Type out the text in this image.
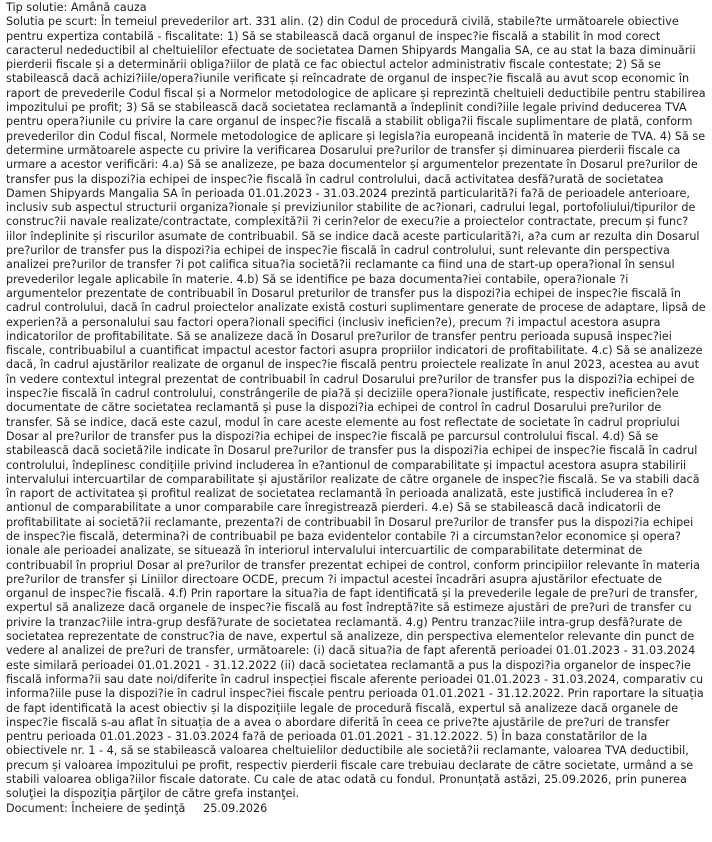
Tip solutie: Amână cauza

Solutia pe scurt: În temeiul prevederilor art. 331 alin. (2) din Codul de procedură civilă, stabile?te următoarele obiective pentru expertiza contabilă - fiscalitate: 1) Să se stabilească dacă organul de inspec?ie fiscală a stabilit în mod corect caracterul nedeductibil al cheltuielilor efectuate de societatea Damen Shipyards Mangalia SA, ce au stat la baza diminuării pierderii fiscale și a determinării obliga?iilor de plată ce fac obiectul actelor administrativ fiscale contestate; 2) Să se stabilească dacă achizi?iile/opera?iunile verificate și reîncadrate de organul de inspec?ie fiscală au avut scop economic în raport de prevederile Codul fiscal și a Normelor metodologice de aplicare și reprezintă cheltuieli deductibile pentru stabilirea impozitului pe profit; 3) Să se stabilească dacă societatea reclamantă a îndeplinit condi?iile legale privind deducerea TVA pentru opera?iunile cu privire la care organul de inspec?ie fiscală a stabilit obliga?ii fiscale suplimentare de plată, conform prevederilor din Codul fiscal, Normele metodologice de aplicare și legisla?ia europeană incidentă în materie de TVA. 4) Să se determine următoarele aspecte cu privire la verificarea Dosarului pre?urilor de transfer și diminuarea pierderii fiscale ca urmare a acestor verificări: 4.a) Să se analizeze, pe baza documentelor și argumentelor prezentate în Dosarul pre?urilor de transfer pus la dispozi?ia echipei de inspec?ie fiscală în cadrul controlului, dacă activitatea desfă?urată de societatea Damen Shipyards Mangalia SA în perioada 01.01.2023 - 31.03.2024 prezintă particularită?i fa?ă de perioadele anterioare, inclusiv sub aspectul structurii organiza?ionale și previziunilor stabilite de ac?ionari, cadrului legal, portofoliului/tipurilor de construc?ii navale realizate/contractate, complexită?ii ?i cerin?elor de execu?ie a proiectelor contractate, precum și func?iilor îndeplinite și riscurilor asumate de contribuabil. Să se indice dacă aceste particularită?i, a?a cum ar rezulta din Dosarul pre?urilor de transfer pus la dispozi?ia echipei de inspec?ie fiscală în cadrul controlului, sunt relevante din perspectiva analizei pre?urilor de transfer ?i pot califica situa?ia societă?ii reclamante ca fiind una de start-up opera?ional în sensul prevederilor legale aplicabile în materie. 4.b) Să se identifice pe baza documenta?iei contabile, opera?ionale ?i argumentelor prezentate de contribuabil în Dosarul preturilor de transfer pus la dispozi?ia echipei de inspec?ie fiscală în cadrul controlului, dacă în cadrul proiectelor analizate există costuri suplimentare generate de procese de adaptare, lipsă de experien?ă a personalului sau factori opera?ionali specifici (inclusiv ineficien?e), precum ?i impactul acestora asupra indicatorilor de profitabilitate. Să se analizeze dacă în Dosarul pre?urilor de transfer pentru perioada supusă inspec?iei fiscale, contribuabilul a cuantificat impactul acestor factori asupra propriilor indicatori de profitabilitate. 4.c) Să se analizeze dacă, în cadrul ajustărilor realizate de organul de inspec?ie fiscală pentru proiectele realizate în anul 2023, acestea au avut în vedere contextul integral prezentat de contribuabil în cadrul Dosarului pre?urilor de transfer pus la dispozi?ia echipei de inspec?ie fiscală în cadrul controlului, constrângerile de pia?ă și deciziile opera?ionale justificate, respectiv ineficien?ele documentate de către societatea reclamantă și puse la dispozi?ia echipei de control în cadrul Dosarului pre?urilor de transfer. Să se indice, dacă este cazul, modul în care aceste elemente au fost reflectate de societate în cadrul propriului Dosar al pre?urilor de transfer pus la dispozi?ia echipei de inspec?ie fiscală pe parcursul controlului fiscal. 4.d) Să se stabilească dacă societă?ile indicate în Dosarul pre?urilor de transfer pus la dispozi?ia echipei de inspec?ie fiscală în cadrul controlului, îndeplinesc condițiile privind includerea în e?antionul de comparabilitate și impactul acestora asupra stabilirii intervalului intercuartilar de comparabilitate și ajustărilor realizate de către organele de inspec?ie fiscală. Se va stabili dacă în raport de activitatea și profitul realizat de societatea reclamantă în perioada analizată, este justifică includerea în e?antionul de comparabilitate a unor comparabile care înregistrează pierderi. 4.e) Să se stabilească dacă indicatorii de profitabilitate ai societă?ii reclamante, prezenta?i de contribuabil în Dosarul pre?urilor de transfer pus la dispozi?ia echipei de inspec?ie fiscală, determina?i de contribuabil pe baza evidentelor contabile ?i a circumstan?elor economice și opera?ionale ale perioadei analizate, se situează în interiorul intervalului intercuartilic de comparabilitate determinat de contribuabil în propriul Dosar al pre?urilor de transfer prezentat echipei de control, conform principiilor relevante în materia pre?urilor de transfer și Liniilor directoare OCDE, precum ?i impactul acestei încadrări asupra ajustărilor efectuate de organul de inspec?ie fiscală. 4.f) Prin raportare la situa?ia de fapt identificată și la prevederile legale de pre?uri de transfer, expertul să analizeze dacă organele de inspec?ie fiscală au fost îndreptă?ite să estimeze ajustări de pre?uri de transfer cu privire la tranzac?iile intra-grup desfă?urate de societatea reclamantă. 4.g) Pentru tranzac?iile intra-grup desfă?urate de societatea reprezentate de construc?ia de nave, expertul să analizeze, din perspectiva elementelor relevante din punct de vedere al analizei de pre?uri de transfer, următoarele: (i) dacă situa?ia de fapt aferentă perioadei 01.01.2023 - 31.03.2024 este similară perioadei 01.01.2021 - 31.12.2022 (ii) dacă societatea reclamantă a pus la dispozi?ia organelor de inspec?ie fiscală informa?ii sau date noi/diferite în cadrul inspecției fiscale aferente perioadei 01.01.2023 - 31.03.2024, comparativ cu informa?iile puse la dispozi?ie în cadrul inspec?iei fiscale pentru perioada 01.01.2021 - 31.12.2022. Prin raportare la situația de fapt identificată la acest obiectiv și la dispozițiile legale de procedură fiscală, expertul să analizeze dacă organele de inspec?ie fiscală s-au aflat în situația de a avea o abordare diferită în ceea ce prive?te ajustările de pre?uri de transfer pentru perioada 01.01.2023 - 31.03.2024 fa?ă de perioada 01.01.2021 - 31.12.2022. 5) În baza constatărilor de la obiectivele nr. 1 - 4, să se stabilească valoarea cheltuielilor deductibile ale societă?ii reclamante, valoarea TVA deductibil, precum și valoarea impozitului pe profit, respectiv pierderii fiscale care trebuiau declarate de către societate, urmând a se stabili valoarea obliga?iilor fiscale datorate. Cu cale de atac odată cu fondul. Pronunțată astăzi, 25.09.2026, prin punerea soluţiei la dispoziţia părţilor de către grefa instanţei.

Document: Încheiere de şedinţă 25.09.2026
